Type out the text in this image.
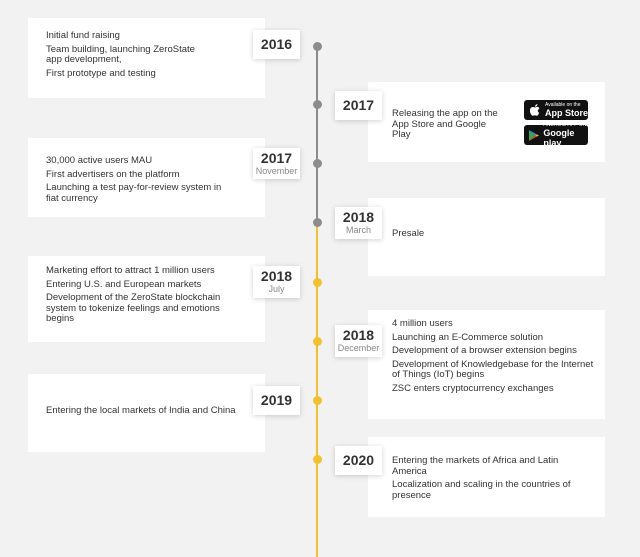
Initial fund raising
Team building, launching ZeroState app development,
First prototype and testing
2016
Releasing the app on the App Store and Google Play
2017	Available on the
App Store
ANDROID APP ON
Google play
30,000 active users MAU
First advertisers on the platform
Launching a test pay-for-review system in fiat currency
2017
November
Presale
2018
March
Marketing effort to attract 1 million users
Entering U.S. and European markets
Development of the ZeroState blockchain system to tokenize feelings and emotions begins
2018
July
4 million users
Launching an E-Commerce solution
Development of a browser extension begins
Development of Knowledgebase for the Internet of Things (IoT) begins
ZSC enters cryptocurrency exchanges
2018
December
Entering the local markets of India and China
2019
Entering the markets of Africa and Latin America
Localization and scaling in the countries of presence
2020
